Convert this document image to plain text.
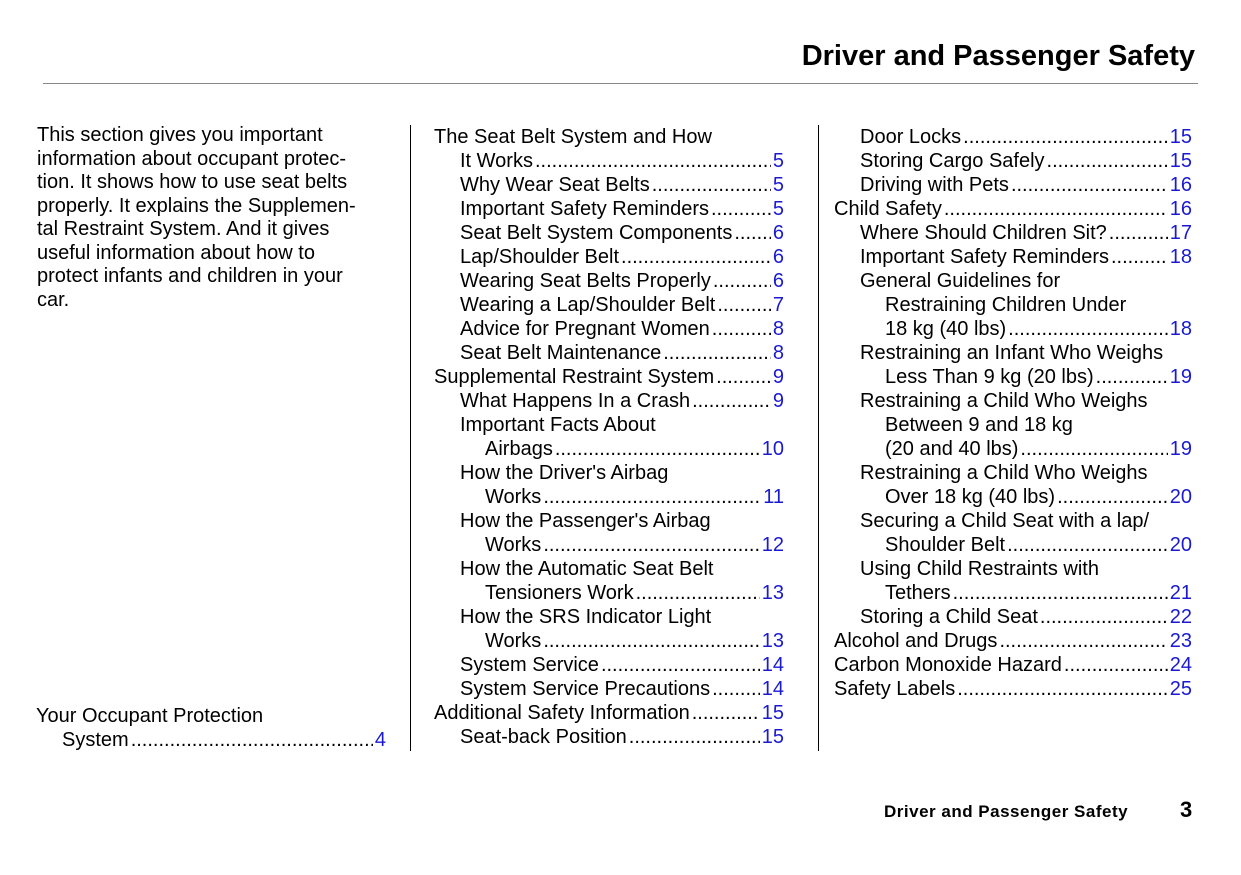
Driver and Passenger Safety
This section gives you important
information about occupant protec-
tion. It shows how to use seat belts
properly. It explains the Supplemen-
tal Restraint System. And it gives
useful information about how to
protect infants and children in your
car.
Your Occupant Protection
System .....	4
The Seat Belt System and How
It Works .....	5
Why Wear Seat Belts .....	5
Important Safety Reminders .....	5
Seat Belt System Components ..... 6
Lap/Shoulder Belt .....	6
Wearing Seat Belts Properly .....	6
Wearing a Lap/Shoulder Belt .....	7
Advice for Pregnant Women .....	8
Seat Belt Maintenance .....	8
Supplemental Restraint System .....	9
What Happens In a Crash .....	9
Important Facts About
Airbags .....	10
How the Driver's Airbag
Works .....	11
How the Passenger's Airbag
Works .....	12
How the Automatic Seat Belt
Tensioners Work .....	13
How the SRS Indicator Light
Works .....	13
System Service .....	14
System Service Precautions .....	14
Additional Safety Information .....	15
Seat-back Position .....	15
Door Locks .....	15
Storing Cargo Safely .....	15
Driving with Pets .....	16
Child Safety .....	16
Where Should Children Sit? .....	17
Important Safety Reminders .....	18
General Guidelines for
Restraining Children Under
18 kg (40 lbs) .....	18
Restraining an Infant Who Weighs
Less Than 9 kg (20 lbs) .....	19
Restraining a Child Who Weighs
Between 9 and 18 kg
(20 and 40 lbs) .....	19
Restraining a Child Who Weighs
Over 18 kg (40 lbs) .....	20
Securing a Child Seat with a lap/
Shoulder Belt .....	20
Using Child Restraints with
Tethers .....	21
Storing a Child Seat .....	22
Alcohol and Drugs .....	23
Carbon Monoxide Hazard .....	24
Safety Labels .....	25
Driver and Passenger Safety 3
